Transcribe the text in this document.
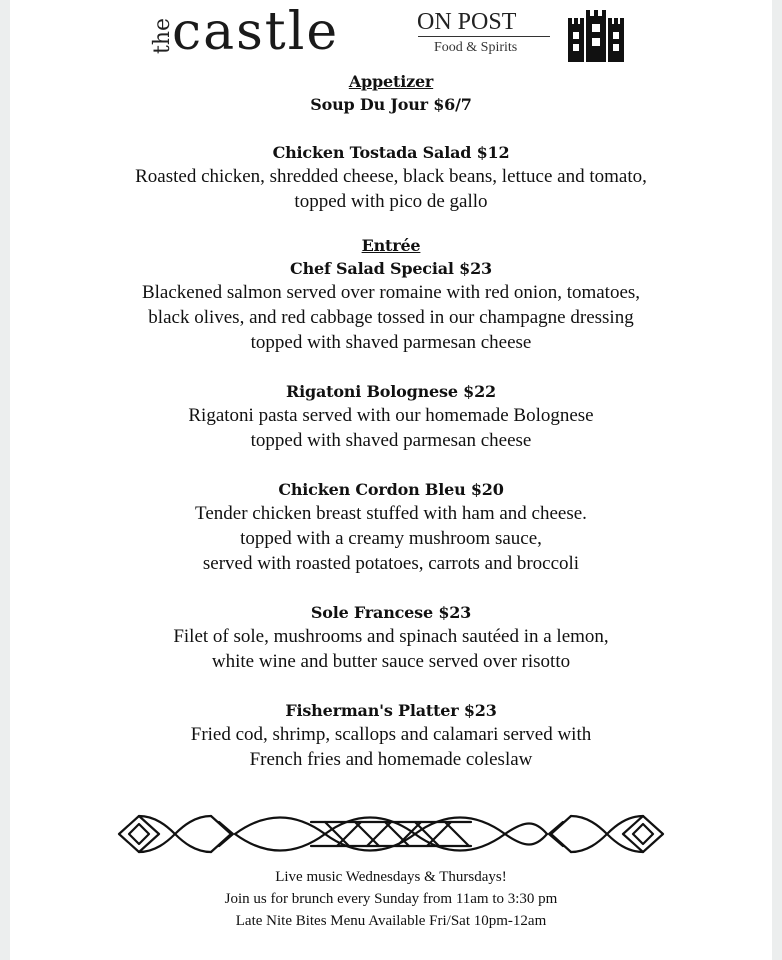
the
castle	ON POST
Food & Spirits
Appetizer
Soup Du Jour $6/7
Chicken Tostada Salad $12
Roasted chicken, shredded cheese, black beans, lettuce and tomato,
topped with pico de gallo
Entrée
Chef Salad Special $23
Blackened salmon served over romaine with red onion, tomatoes,
black olives, and red cabbage tossed in our champagne dressing
topped with shaved parmesan cheese
Rigatoni Bolognese $22
Rigatoni pasta served with our homemade Bolognese
topped with shaved parmesan cheese
Chicken Cordon Bleu $20
Tender chicken breast stuffed with ham and cheese.
topped with a creamy mushroom sauce,
served with roasted potatoes, carrots and broccoli
Sole Francese $23
Filet of sole, mushrooms and spinach sautéed in a lemon,
white wine and butter sauce served over risotto
Fisherman's Platter $23
Fried cod, shrimp, scallops and calamari served with
French fries and homemade coleslaw
Live music Wednesdays & Thursdays!
Join us for brunch every Sunday from 11am to 3:30 pm
Late Nite Bites Menu Available Fri/Sat 10pm-12am
